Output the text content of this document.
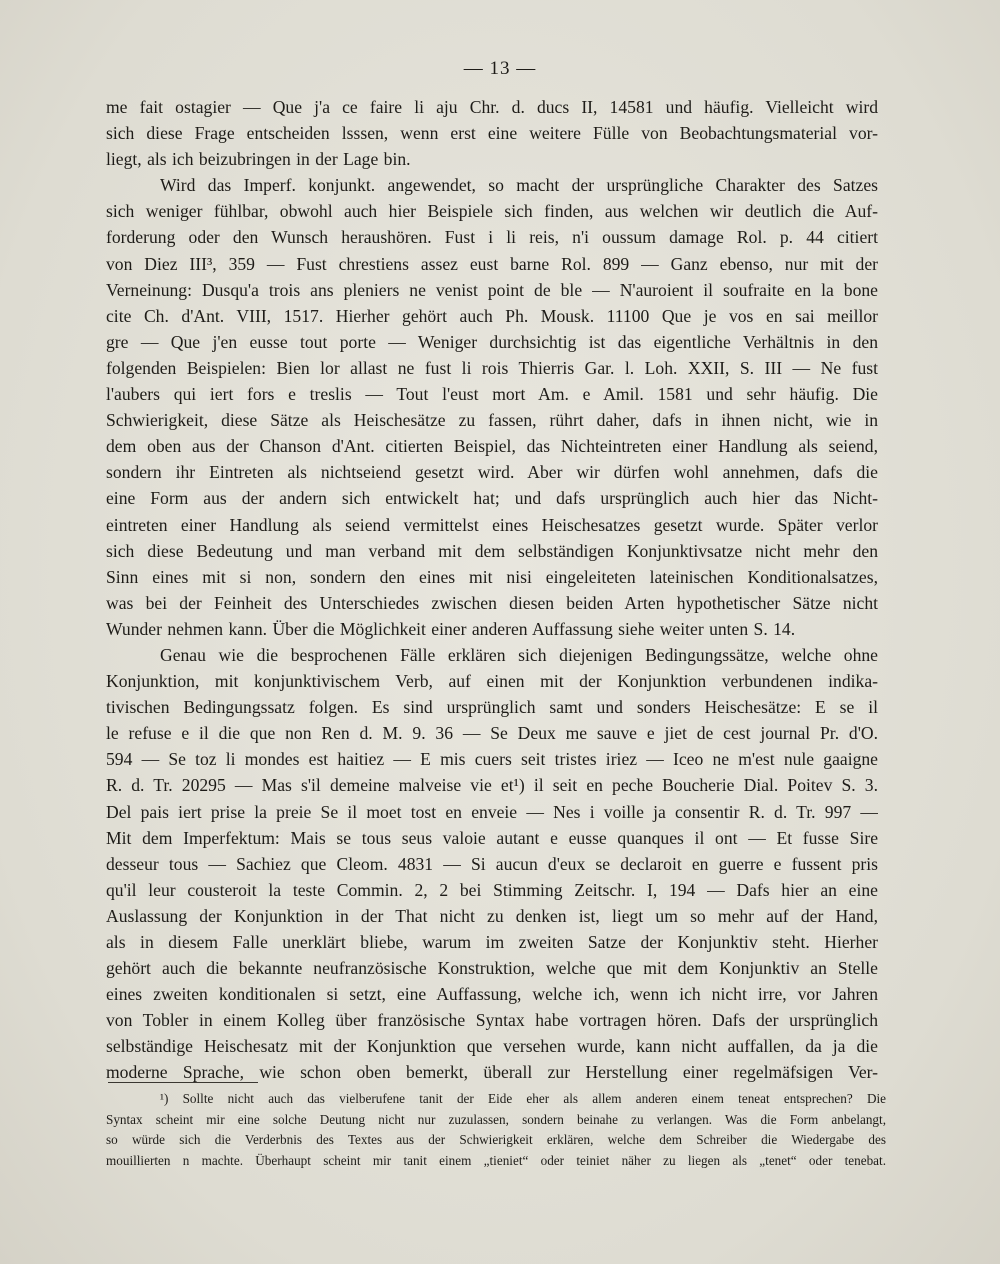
— 13 —
me fait ostagier — Que j'a ce faire li aju Chr. d. ducs II, 14581 und häufig. Vielleicht wird
sich diese Frage entscheiden lsssen, wenn erst eine weitere Fülle von Beobachtungsmaterial vor-
liegt, als ich beizubringen in der Lage bin.
Wird das Imperf. konjunkt. angewendet, so macht der ursprüngliche Charakter des Satzes
sich weniger fühlbar, obwohl auch hier Beispiele sich finden, aus welchen wir deutlich die Auf-
forderung oder den Wunsch heraushören. Fust i li reis, n'i oussum damage Rol. p. 44 citiert
von Diez III³, 359 — Fust chrestiens assez eust barne Rol. 899 — Ganz ebenso, nur mit der
Verneinung: Dusqu'a trois ans pleniers ne venist point de ble — N'auroient il soufraite en la bone
cite Ch. d'Ant. VIII, 1517. Hierher gehört auch Ph. Mousk. 11100 Que je vos en sai meillor
gre — Que j'en eusse tout porte — Weniger durchsichtig ist das eigentliche Verhältnis in den
folgenden Beispielen: Bien lor allast ne fust li rois Thierris Gar. l. Loh. XXII, S. III — Ne fust
l'aubers qui iert fors e treslis — Tout l'eust mort Am. e Amil. 1581 und sehr häufig. Die
Schwierigkeit, diese Sätze als Heischesätze zu fassen, rührt daher, dafs in ihnen nicht, wie in
dem oben aus der Chanson d'Ant. citierten Beispiel, das Nichteintreten einer Handlung als seiend,
sondern ihr Eintreten als nichtseiend gesetzt wird. Aber wir dürfen wohl annehmen, dafs die
eine Form aus der andern sich entwickelt hat; und dafs ursprünglich auch hier das Nicht-
eintreten einer Handlung als seiend vermittelst eines Heischesatzes gesetzt wurde. Später verlor
sich diese Bedeutung und man verband mit dem selbständigen Konjunktivsatze nicht mehr den
Sinn eines mit si non, sondern den eines mit nisi eingeleiteten lateinischen Konditionalsatzes,
was bei der Feinheit des Unterschiedes zwischen diesen beiden Arten hypothetischer Sätze nicht
Wunder nehmen kann. Über die Möglichkeit einer anderen Auffassung siehe weiter unten S. 14.
Genau wie die besprochenen Fälle erklären sich diejenigen Bedingungssätze, welche ohne
Konjunktion, mit konjunktivischem Verb, auf einen mit der Konjunktion verbundenen indika-
tivischen Bedingungssatz folgen. Es sind ursprünglich samt und sonders Heischesätze: E se il
le refuse e il die que non Ren d. M. 9. 36 — Se Deux me sauve e jiet de cest journal Pr. d'O.
594 — Se toz li mondes est haitiez — E mis cuers seit tristes iriez — Iceo ne m'est nule gaaigne
R. d. Tr. 20295 — Mas s'il demeine malveise vie et¹) il seit en peche Boucherie Dial. Poitev S. 3.
Del pais iert prise la preie Se il moet tost en enveie — Nes i voille ja consentir R. d. Tr. 997 —
Mit dem Imperfektum: Mais se tous seus valoie autant e eusse quanques il ont — Et fusse Sire
desseur tous — Sachiez que Cleom. 4831 — Si aucun d'eux se declaroit en guerre e fussent pris
qu'il leur cousteroit la teste Commin. 2, 2 bei Stimming Zeitschr. I, 194 — Dafs hier an eine
Auslassung der Konjunktion in der That nicht zu denken ist, liegt um so mehr auf der Hand,
als in diesem Falle unerklärt bliebe, warum im zweiten Satze der Konjunktiv steht. Hierher
gehört auch die bekannte neufranzösische Konstruktion, welche que mit dem Konjunktiv an Stelle
eines zweiten konditionalen si setzt, eine Auffassung, welche ich, wenn ich nicht irre, vor Jahren
von Tobler in einem Kolleg über französische Syntax habe vortragen hören. Dafs der ursprünglich
selbständige Heischesatz mit der Konjunktion que versehen wurde, kann nicht auffallen, da ja die
moderne Sprache, wie schon oben bemerkt, überall zur Herstellung einer regelmäfsigen Ver-
¹) Sollte nicht auch das vielberufene tanit der Eide eher als allem anderen einem teneat entsprechen? Die
Syntax scheint mir eine solche Deutung nicht nur zuzulassen, sondern beinahe zu verlangen. Was die Form anbelangt,
so würde sich die Verderbnis des Textes aus der Schwierigkeit erklären, welche dem Schreiber die Wiedergabe des
mouillierten n machte. Überhaupt scheint mir tanit einem „tieniet“ oder teiniet näher zu liegen als „tenet“ oder tenebat.
